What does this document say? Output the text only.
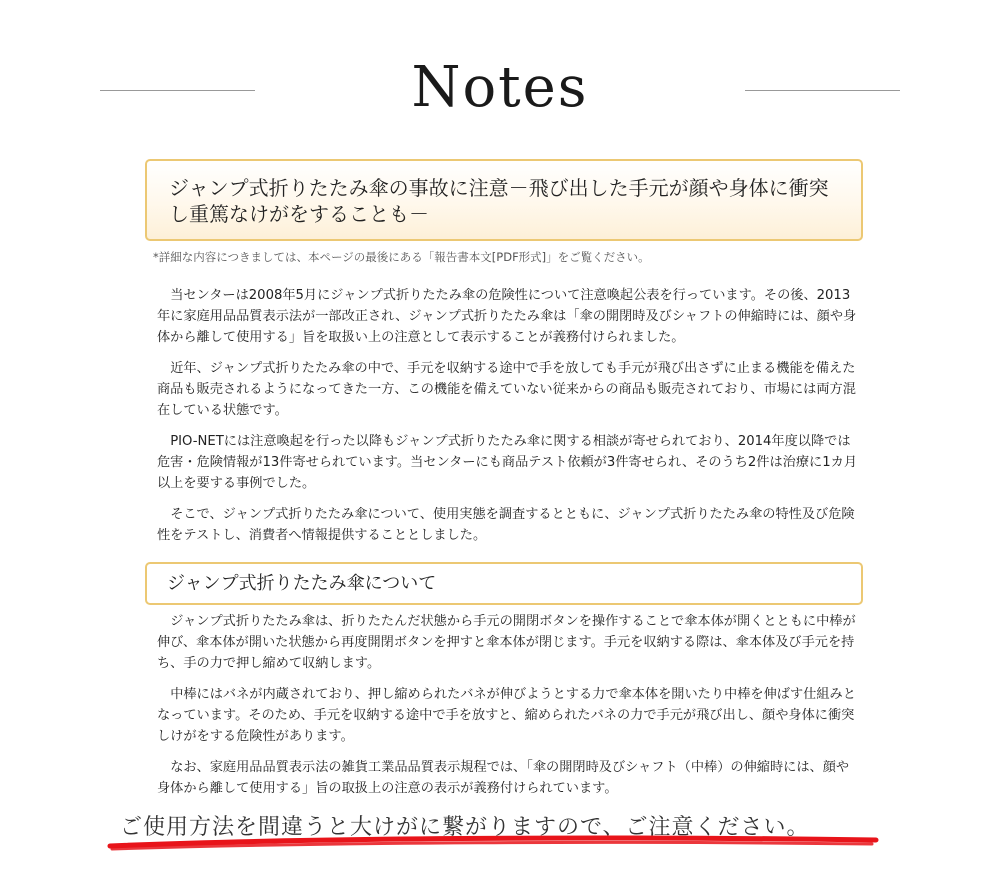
Notes
ジャンプ式折りたたみ傘の事故に注意－飛び出した手元が顔や身体に衝突し重篤なけがをすることも－
*詳細な内容につきましては、本ページの最後にある「報告書本文[PDF形式]」をご覧ください。

当センターは2008年5月にジャンプ式折りたたみ傘の危険性について注意喚起公表を行っています。その後、2013年に家庭用品品質表示法が一部改正され、ジャンプ式折りたたみ傘は「傘の開閉時及びシャフトの伸縮時には、顔や身体から離して使用する」旨を取扱い上の注意として表示することが義務付けられました。

近年、ジャンプ式折りたたみ傘の中で、手元を収納する途中で手を放しても手元が飛び出さずに止まる機能を備えた商品も販売されるようになってきた一方、この機能を備えていない従来からの商品も販売されており、市場には両方混在している状態です。

PIO-NETには注意喚起を行った以降もジャンプ式折りたたみ傘に関する相談が寄せられており、2014年度以降では危害・危険情報が13件寄せられています。当センターにも商品テスト依頼が3件寄せられ、そのうち2件は治療に1カ月以上を要する事例でした。

そこで、ジャンプ式折りたたみ傘について、使用実態を調査するとともに、ジャンプ式折りたたみ傘の特性及び危険性をテストし、消費者へ情報提供することとしました。

ジャンプ式折りたたみ傘について

ジャンプ式折りたたみ傘は、折りたたんだ状態から手元の開閉ボタンを操作することで傘本体が開くとともに中棒が伸び、傘本体が開いた状態から再度開閉ボタンを押すと傘本体が閉じます。手元を収納する際は、傘本体及び手元を持ち、手の力で押し縮めて収納します。

中棒にはバネが内蔵されており、押し縮められたバネが伸びようとする力で傘本体を開いたり中棒を伸ばす仕組みとなっています。そのため、手元を収納する途中で手を放すと、縮められたバネの力で手元が飛び出し、顔や身体に衝突しけがをする危険性があります。

なお、家庭用品品質表示法の雑貨工業品品質表示規程では、「傘の開閉時及びシャフト（中棒）の伸縮時には、顔や身体から離して使用する」旨の取扱上の注意の表示が義務付けられています。

ご使用方法を間違うと大けがに繋がりますので、ご注意ください。
